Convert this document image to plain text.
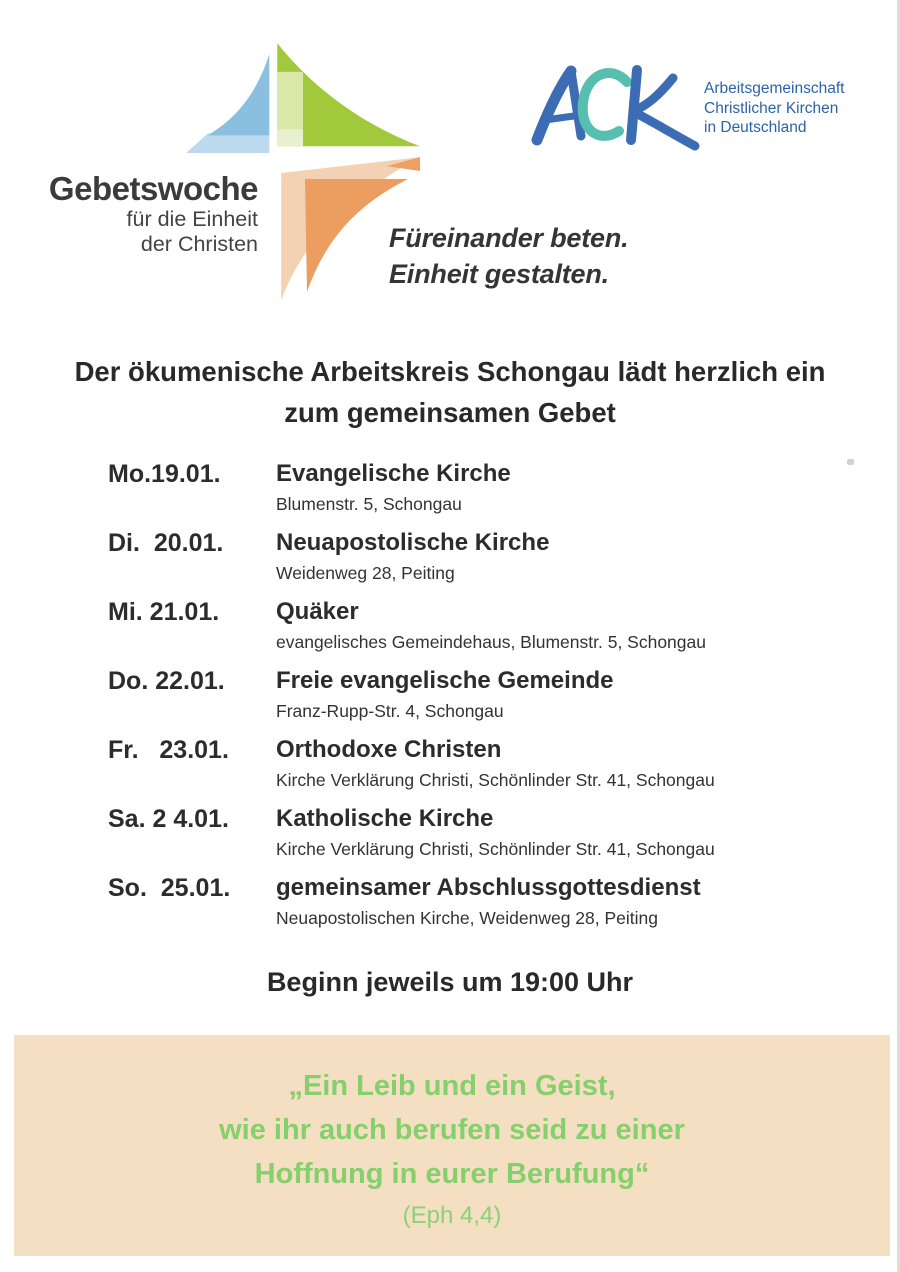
Gebetswoche
für die Einheit
der Christen
Arbeitsgemeinschaft
Christlicher Kirchen
in Deutschland
Füreinander beten.
Einheit gestalten.
Der ökumenische Arbeitskreis Schongau lädt herzlich ein
zum gemeinsamen Gebet
Mo.19.01.	Evangelische Kirche
Blumenstr. 5, Schongau
Di.  20.01.	Neuapostolische Kirche
Weidenweg 28, Peiting
Mi. 21.01.	Quäker
evangelisches Gemeindehaus, Blumenstr. 5, Schongau
Do. 22.01.	Freie evangelische Gemeinde
Franz-Rupp-Str. 4, Schongau
Fr.   23.01.	Orthodoxe Christen
Kirche Verklärung Christi, Schönlinder Str. 41, Schongau
Sa. 2 4.01.	Katholische Kirche
Kirche Verklärung Christi, Schönlinder Str. 41, Schongau
So.  25.01.	gemeinsamer Abschlussgottesdienst
Neuapostolischen Kirche, Weidenweg 28, Peiting
Beginn jeweils um 19:00 Uhr
„Ein Leib und ein Geist,
wie ihr auch berufen seid zu einer
Hoffnung in eurer Berufung“
(Eph 4,4)
